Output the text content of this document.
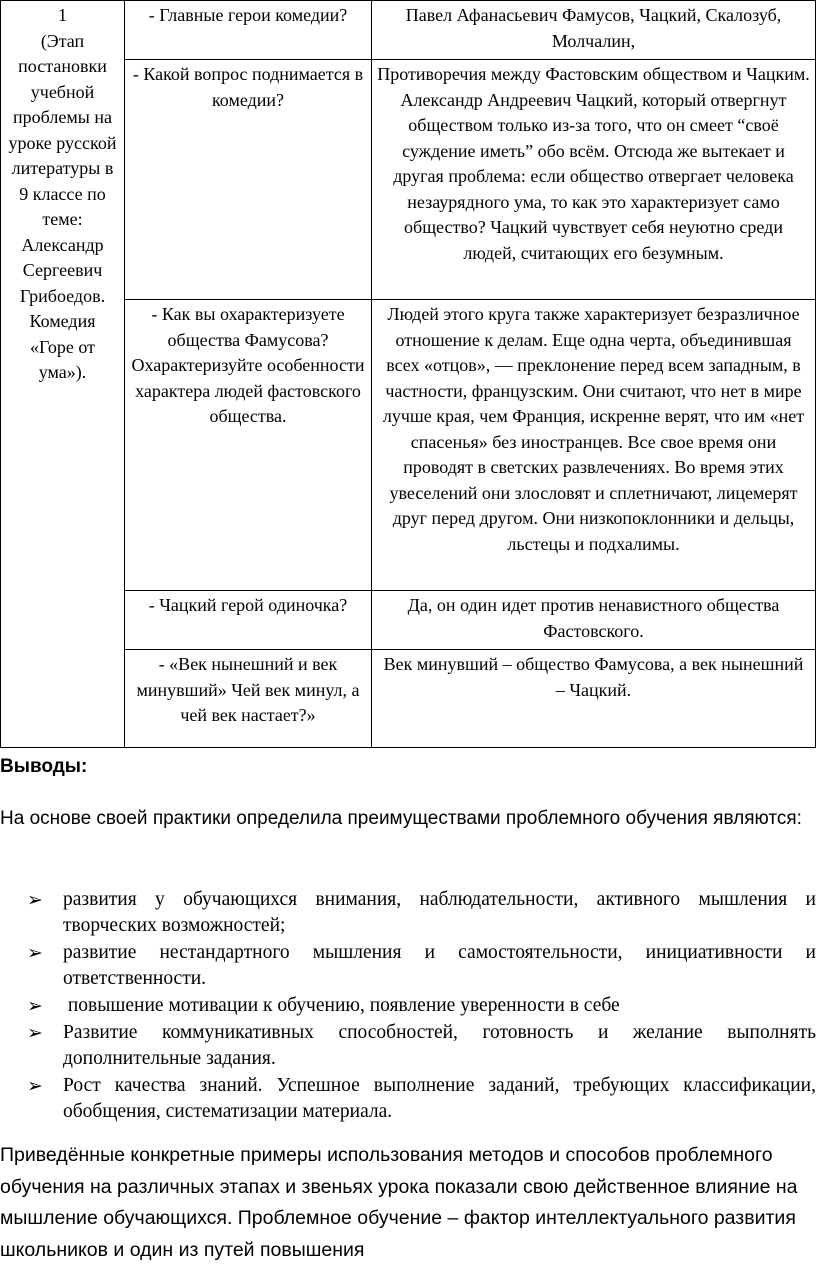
1
(Этап постановки учебной проблемы на уроке русской литературы в 9 классе по теме: Александр Сергеевич Грибоедов. Комедия «Горе от ума»).	- Главные герои комедии?	Павел Афанасьевич Фамусов, Чацкий, Скалозуб, Молчалин,
	- Какой вопрос поднимается в комедии?	Противоречия между Фастовским обществом и Чацким. Александр Андреевич Чацкий, который отвергнут обществом только из-за того, что он смеет “своё суждение иметь” обо всём. Отсюда же вытекает и другая проблема: если общество отвергает человека незаурядного ума, то как это характеризует само общество? Чацкий чувствует себя неуютно среди людей, считающих его безумным.
	- Как вы охарактеризуете общества Фамусова? Охарактеризуйте особенности характера людей фастовского общества.	Людей этого круга также характеризует безразличное отношение к делам. Еще одна черта, объединившая всех «отцов», — преклонение перед всем западным, в частности, французским. Они считают, что нет в мире лучше края, чем Франция, искренне верят, что им «нет спасенья» без иностранцев. Все свое время они проводят в светских развлечениях. Во время этих увеселений они злословят и сплетничают, лицемерят друг перед другом. Они низкопоклонники и дельцы, льстецы и подхалимы.
	- Чацкий герой одиночка?	Да, он один идет против ненавистного общества Фастовского.
	- «Век нынешний и век минувший» Чей век минул, а чей век настает?»	Век минувший – общество Фамусова, а век нынешний – Чацкий.
Выводы:

На основе своей практики определила преимуществами проблемного обучения являются:

➢ развития у обучающихся внимания, наблюдательности, активного мышления и творческих возможностей;
➢ развитие нестандартного мышления и самостоятельности, инициативности и ответственности.
➢ повышение мотивации к обучению, появление уверенности в себе
➢ Развитие коммуникативных способностей, готовность и желание выполнять дополнительные задания.
➢ Рост качества знаний. Успешное выполнение заданий, требующих классификации, обобщения, систематизации материала.

Приведённые конкретные примеры использования методов и способов проблемного обучения на различных этапах и звеньях урока показали свою действенное влияние на мышление обучающихся. Проблемное обучение – фактор интеллектуального развития школьников и один из путей повышения
